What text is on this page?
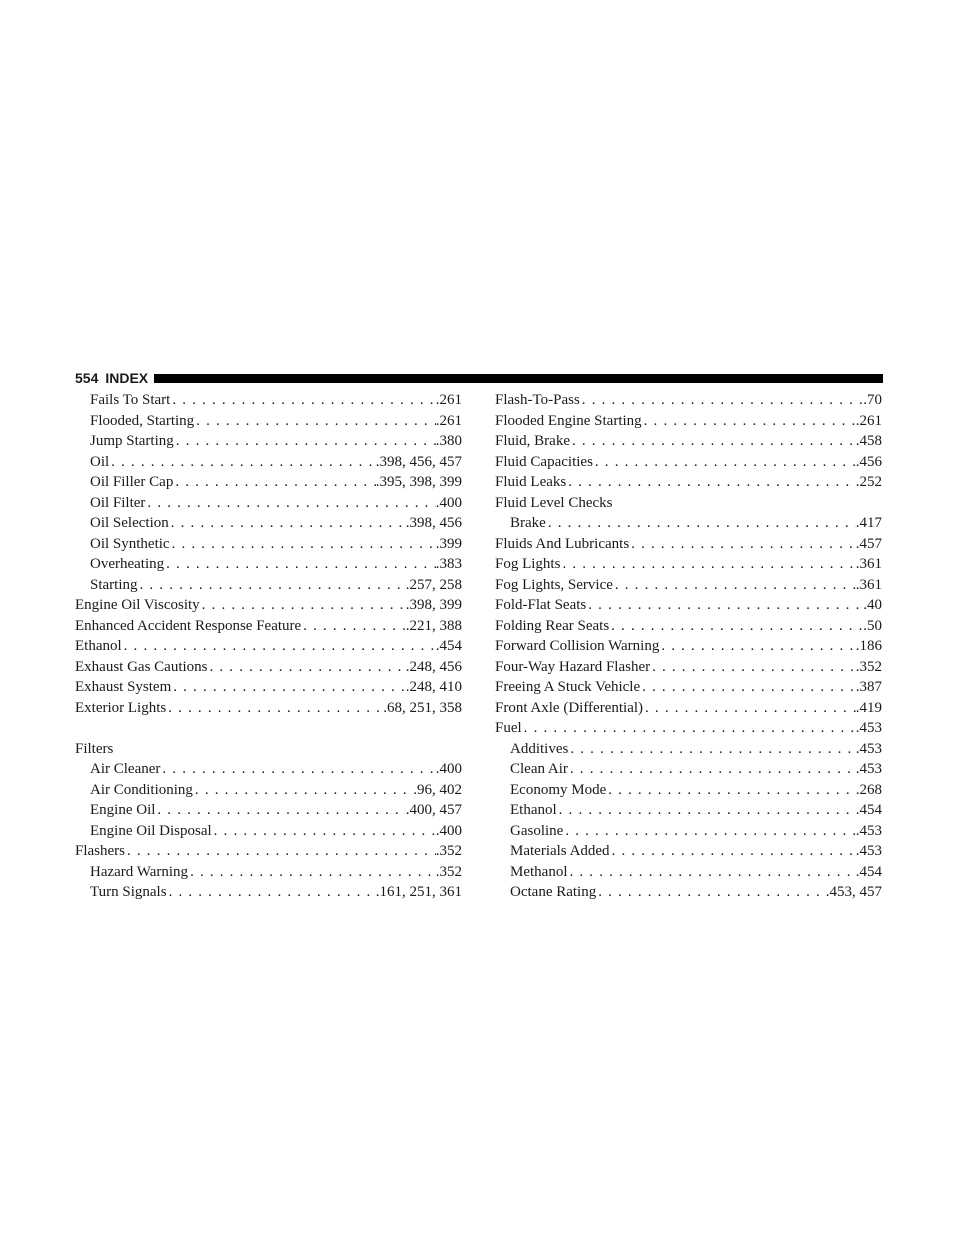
554 INDEX
Fails To Start . . .	.261
Flooded, Starting . . .	.261
Jump Starting . . .	.380
Oil . . .	.398, 456, 457
Oil Filler Cap . . .	.395, 398, 399
Oil Filter . . .	.400
Oil Selection . . .	.398, 456
Oil Synthetic . . .	.399
Overheating . . .	.383
Starting . . .	.257, 258
Engine Oil Viscosity . . .	.398, 399
Enhanced Accident Response Feature . . .	.221, 388
Ethanol . . .	.454
Exhaust Gas Cautions . . .	.248, 456
Exhaust System . . .	.248, 410
Exterior Lights . . .	.68, 251, 358
Filters
Air Cleaner . . .	.400
Air Conditioning . . .	.96, 402
Engine Oil . . .	.400, 457
Engine Oil Disposal . . .	.400
Flashers . . .	.352
Hazard Warning . . .	.352
Turn Signals . . .	.161, 251, 361
Flash-To-Pass . . .	.70
Flooded Engine Starting . . .	.261
Fluid, Brake . . .	.458
Fluid Capacities . . .	.456
Fluid Leaks . . .	.252
Fluid Level Checks
Brake . . .	.417
Fluids And Lubricants . . .	.457
Fog Lights . . .	.361
Fog Lights, Service . . .	.361
Fold-Flat Seats . . .	.40
Folding Rear Seats . . .	.50
Forward Collision Warning . . .	.186
Four-Way Hazard Flasher . . .	.352
Freeing A Stuck Vehicle . . .	.387
Front Axle (Differential) . . .	.419
Fuel . . .	.453
Additives . . .	.453
Clean Air . . .	.453
Economy Mode . . .	.268
Ethanol . . .	.454
Gasoline . . .	.453
Materials Added . . .	.453
Methanol . . .	.454
Octane Rating . . .	.453, 457
